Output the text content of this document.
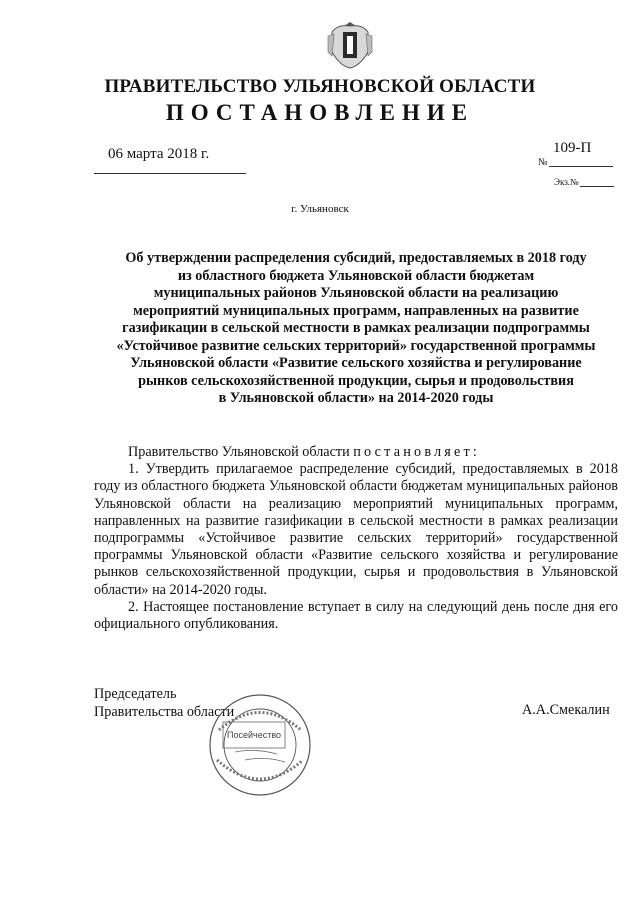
ПРАВИТЕЛЬСТВО УЛЬЯНОВСКОЙ ОБЛАСТИ
ПОСТАНОВЛЕНИЕ
06 марта 2018 г.	109-П
№
Экз.№
г. Ульяновск
Об утверждении распределения субсидий, предоставляемых в 2018 году
из областного бюджета Ульяновской области бюджетам
муниципальных районов Ульяновской области на реализацию
мероприятий муниципальных программ, направленных на развитие
газификации в сельской местности в рамках реализации подпрограммы
«Устойчивое развитие сельских территорий» государственной программы
Ульяновской области «Развитие сельского хозяйства и регулирование
рынков сельскохозяйственной продукции, сырья и продовольствия
в Ульяновской области» на 2014-2020 годы

Правительство Ульяновской области постановляет:

1. Утвердить прилагаемое распределение субсидий, предоставляемых в 2018 году из областного бюджета Ульяновской области бюджетам муниципальных районов Ульяновской области на реализацию мероприятий муниципальных программ, направленных на развитие газификации в сельской местности в рамках реализации подпрограммы «Устойчивое развитие сельских территорий» государственной программы Ульяновской области «Развитие сельского хозяйства и регулирование рынков сельскохозяйственной продукции, сырья и продовольствия в Ульяновской области» на 2014-2020 годы.

2. Настоящее постановление вступает в силу на следующий день после дня его официального опубликования.

Председатель
Правительства области
Посейчество
А.А.Смекалин
